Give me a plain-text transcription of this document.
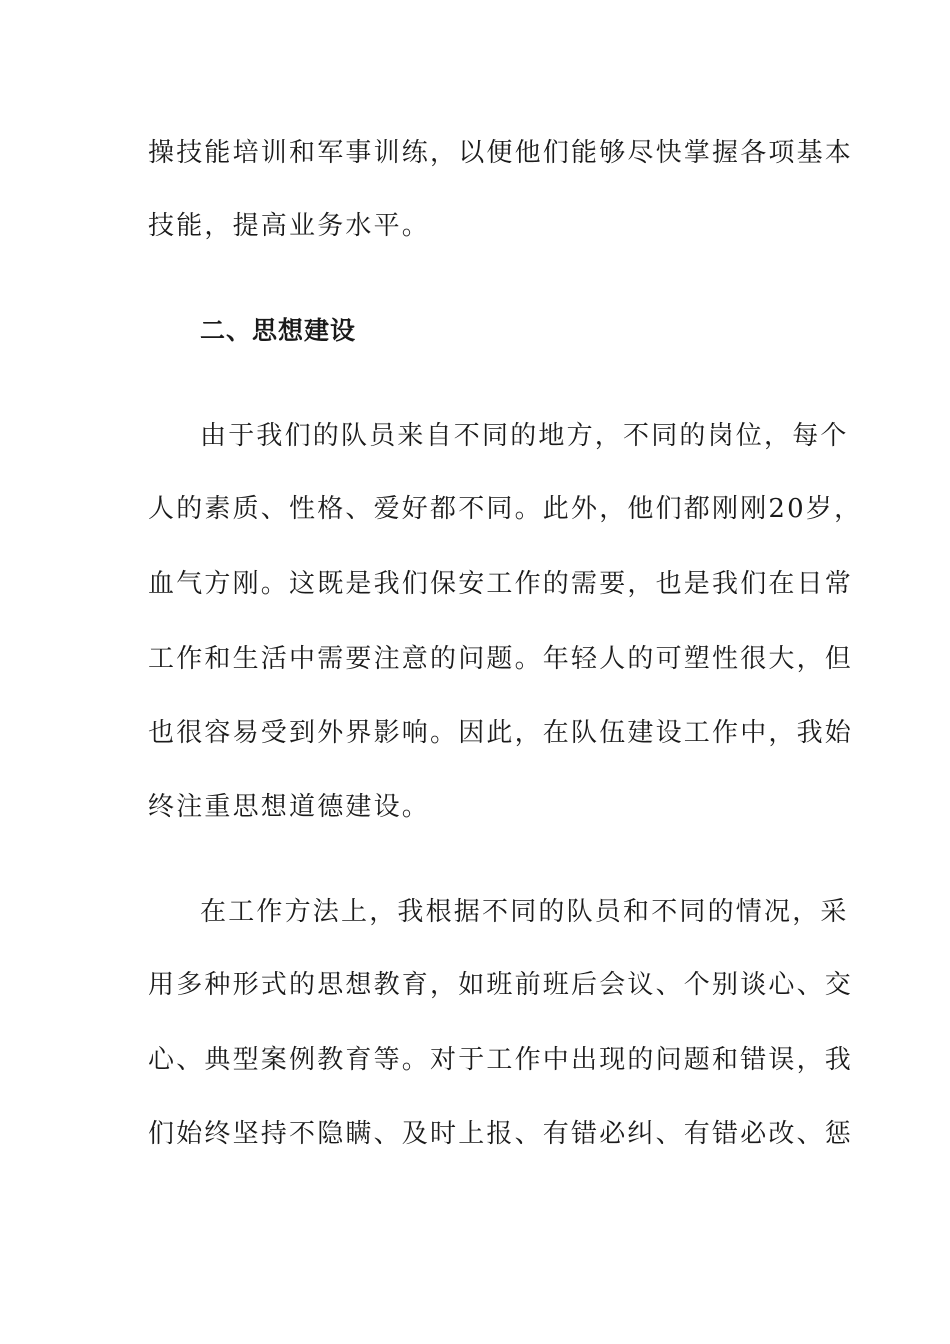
操技能培训和军事训练，以便他们能够尽快掌握各项基本
技能，提高业务水平。
二、思想建设
由于我们的队员来自不同的地方，不同的岗位，每个
人的素质、性格、爱好都不同。此外，他们都刚刚20岁，
血气方刚。这既是我们保安工作的需要，也是我们在日常
工作和生活中需要注意的问题。年轻人的可塑性很大，但
也很容易受到外界影响。因此，在队伍建设工作中，我始
终注重思想道德建设。
在工作方法上，我根据不同的队员和不同的情况，采
用多种形式的思想教育，如班前班后会议、个别谈心、交
心、典型案例教育等。对于工作中出现的问题和错误，我
们始终坚持不隐瞒、及时上报、有错必纠、有错必改、惩
